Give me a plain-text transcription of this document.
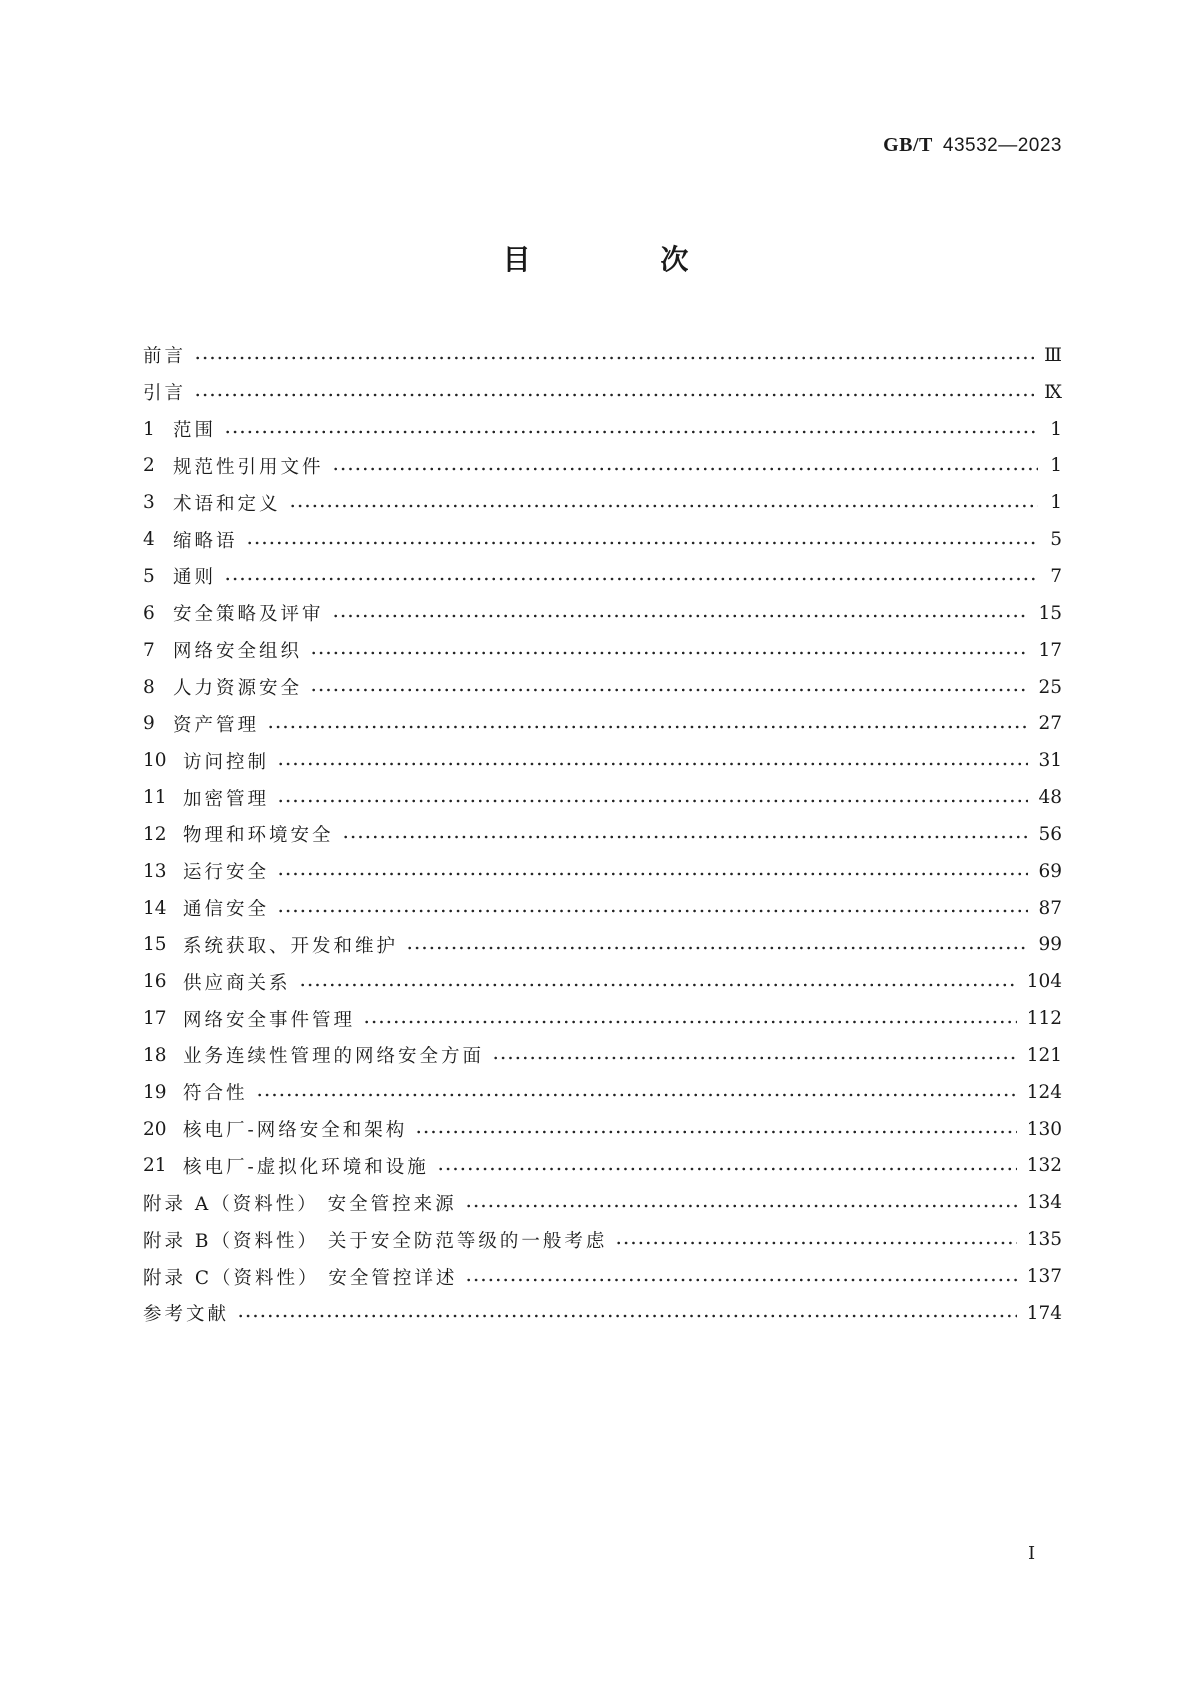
GB/T 43532—2023
目 次
前言	Ⅲ
引言	Ⅸ
1 范围	1
2 规范性引用文件	1
3 术语和定义	1
4 缩略语	5
5 通则	7
6 安全策略及评审	15
7 网络安全组织	17
8 人力资源安全	25
9 资产管理	27
10 访问控制	31
11 加密管理	48
12 物理和环境安全	56
13 运行安全	69
14 通信安全	87
15 系统获取、开发和维护	99
16 供应商关系	104
17 网络安全事件管理	112
18 业务连续性管理的网络安全方面	121
19 符合性	124
20 核电厂-网络安全和架构	130
21 核电厂-虚拟化环境和设施	132
附录 A（资料性） 安全管控来源	134
附录 B（资料性） 关于安全防范等级的一般考虑	135
附录 C（资料性） 安全管控详述	137
参考文献	174
I
